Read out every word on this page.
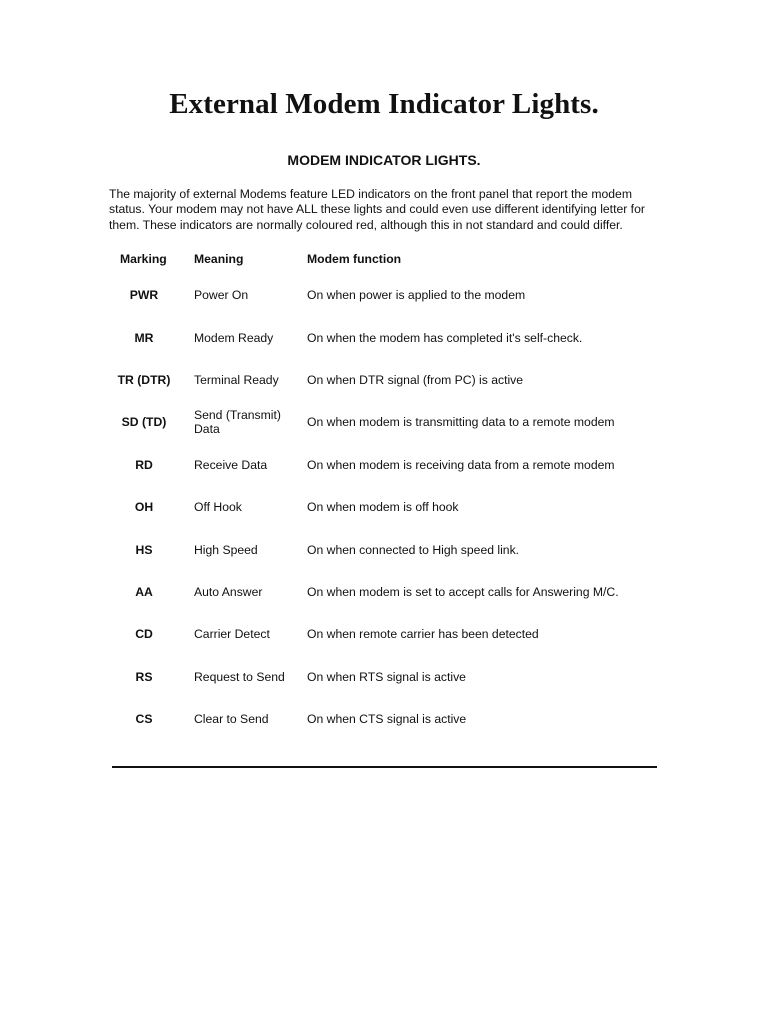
External Modem Indicator Lights.
MODEM INDICATOR LIGHTS.

The majority of external Modems feature LED indicators on the front panel that report the modem status. Your modem may not have ALL these lights and could even use different identifying letter for them. These indicators are normally coloured red, although this in not standard and could differ.

Marking	Meaning	Modem function
PWR	Power On	On when power is applied to the modem
MR	Modem Ready	On when the modem has completed it's self-check.
TR (DTR)	Terminal Ready	On when DTR signal (from PC) is active
SD (TD)	Send (Transmit) Data	On when modem is transmitting data to a remote modem
RD	Receive Data	On when modem is receiving data from a remote modem
OH	Off Hook	On when modem is off hook
HS	High Speed	On when connected to High speed link.
AA	Auto Answer	On when modem is set to accept calls for Answering M/C.
CD	Carrier Detect	On when remote carrier has been detected
RS	Request to Send	On when RTS signal is active
CS	Clear to Send	On when CTS signal is active
